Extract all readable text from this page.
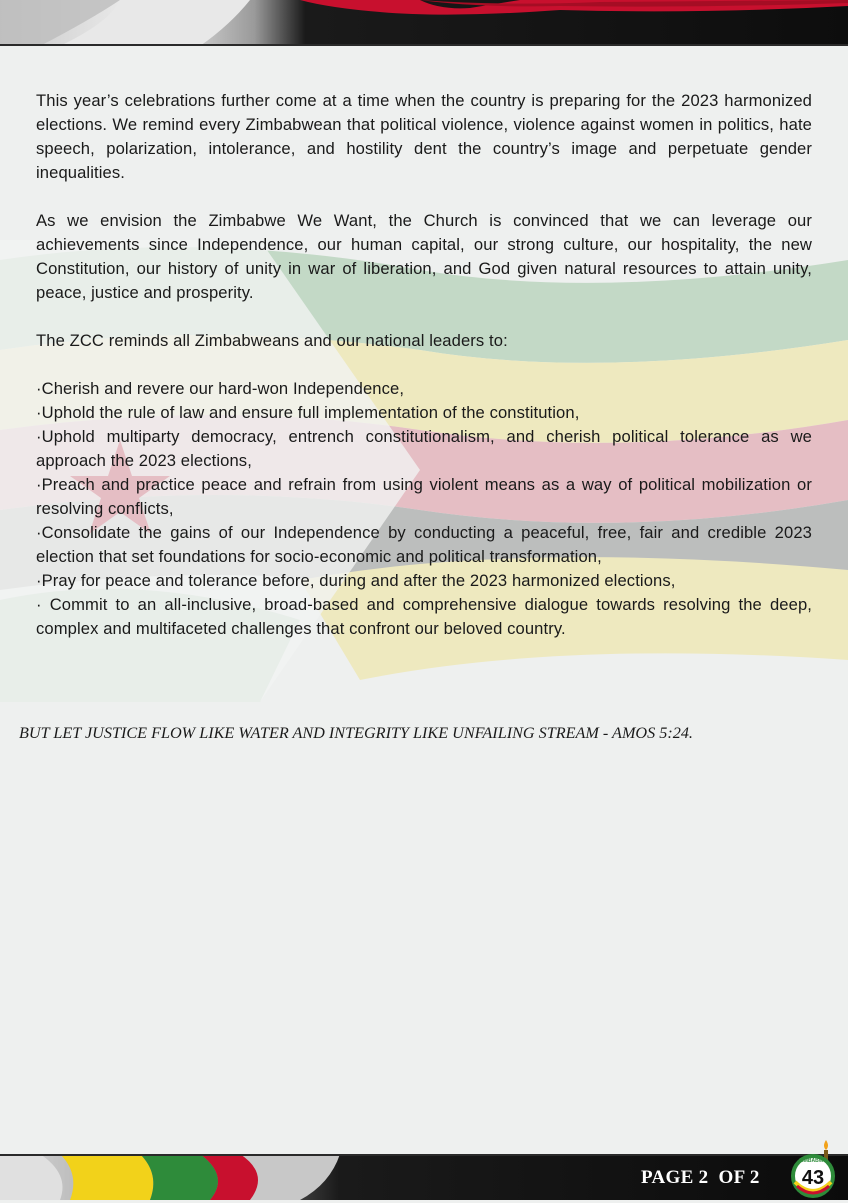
This year’s celebrations further come at a time when the country is preparing for the 2023 harmonized elections. We remind every Zimbabwean that political violence, violence against women in politics, hate speech, polarization, intolerance, and hostility dent the country’s image and perpetuate gender inequalities.

As we envision the Zimbabwe We Want, the Church is convinced that we can leverage our achievements since Independence, our human capital, our strong culture, our hospitality, the new Constitution, our history of unity in war of liberation, and God given natural resources to attain unity, peace, justice and prosperity.

The ZCC reminds all Zimbabweans and our national leaders to:

·Cherish and revere our hard-won Independence,

·Uphold the rule of law and ensure full implementation of the constitution,

·Uphold multiparty democracy, entrench constitutionalism, and cherish political tolerance as we approach the 2023 elections,

·Preach and practice peace and refrain from using violent means as a way of political mobilization or resolving conflicts,

·Consolidate the gains of our Independence by conducting a peaceful, free, fair and credible 2023 election that set foundations for socio-economic and political transformation,

·Pray for peace and tolerance before, during and after the 2023 harmonized elections,

· Commit to an all-inclusive, broad-based and comprehensive dialogue towards resolving the deep, complex and multifaceted challenges that confront our beloved country.

BUT LET JUSTICE FLOW LIKE WATER AND INTEGRITY LIKE UNFAILING STREAM - AMOS 5:24.
PAGE 2  OF 2
ZIMBABWE
43
